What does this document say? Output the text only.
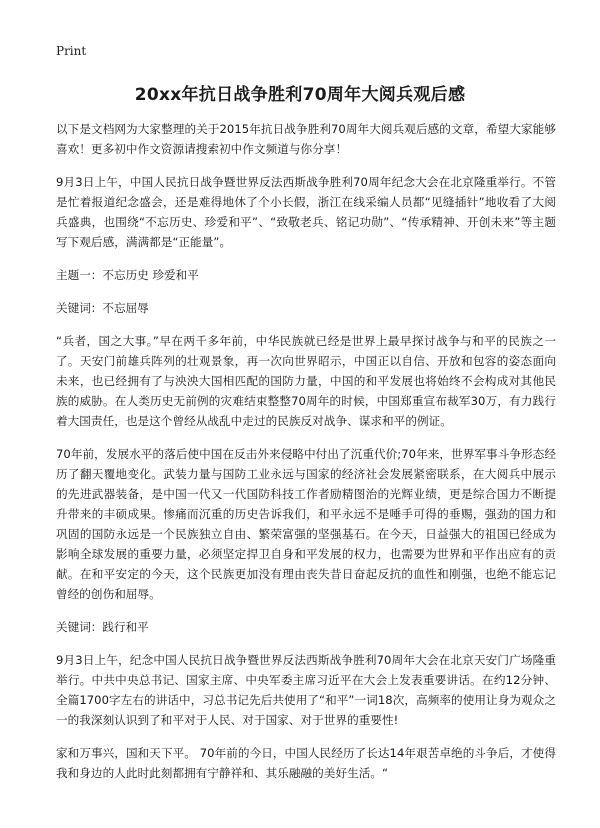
Print
20xx年抗日战争胜利70周年大阅兵观后感

以下是文档网为大家整理的关于2015年抗日战争胜利70周年大阅兵观后感的文章，希望大家能够喜欢！更多初中作文资源请搜索初中作文频道与你分享！

9月3日上午，中国人民抗日战争暨世界反法西斯战争胜利70周年纪念大会在北京隆重举行。不管是忙着报道纪念盛会，还是难得地休了个小长假，浙江在线采编人员都“见缝插针”地收看了大阅兵盛典，也围绕“不忘历史、珍爱和平”、“致敬老兵、铭记功勋”、“传承精神、开创未来”等主题写下观后感，满满都是“正能量”。

主题一：不忘历史 珍爱和平

关键词：不忘屈辱

“兵者，国之大事。”早在两千多年前，中华民族就已经是世界上最早探讨战争与和平的民族之一了。天安门前雄兵阵列的壮观景象，再一次向世界昭示，中国正以自信、开放和包容的姿态面向未来，也已经拥有了与泱泱大国相匹配的国防力量，中国的和平发展也将始终不会构成对其他民族的威胁。在人类历史无前例的灾难结束整整70周年的时候，中国郑重宣布裁军30万，有力践行着大国责任，也是这个曾经从战乱中走过的民族反对战争、谋求和平的例证。

70年前，发展水平的落后使中国在反击外来侵略中付出了沉重代价;70年来，世界军事斗争形态经历了翻天覆地变化。武装力量与国防工业永远与国家的经济社会发展紧密联系，在大阅兵中展示的先进武器装备，是中国一代又一代国防科技工作者励精图治的光辉业绩，更是综合国力不断提升带来的丰硕成果。惨痛而沉重的历史告诉我们，和平永远不是唾手可得的垂赐，强劲的国力和巩固的国防永远是一个民族独立自由、繁荣富强的坚强基石。在今天，日益强大的祖国已经成为影响全球发展的重要力量，必须坚定捍卫自身和平发展的权力，也需要为世界和平作出应有的贡献。在和平安定的今天，这个民族更加没有理由丧失昔日奋起反抗的血性和刚强，也绝不能忘记曾经的创伤和屈辱。

关键词：践行和平

9月3日上午，纪念中国人民抗日战争暨世界反法西斯战争胜利70周年大会在北京天安门广场隆重举行。中共中央总书记、国家主席、中央军委主席习近平在大会上发表重要讲话。在约12分钟、全篇1700字左右的讲话中，习总书记先后共使用了“和平”一词18次，高频率的使用让身为观众之一的我深刻认识到了和平对于人民、对于国家、对于世界的重要性!

家和万事兴，国和天下平。 70年前的今日，中国人民经历了长达14年艰苦卓绝的斗争后，才使得我和身边的人此时此刻都拥有宁静祥和、其乐融融的美好生活。“
